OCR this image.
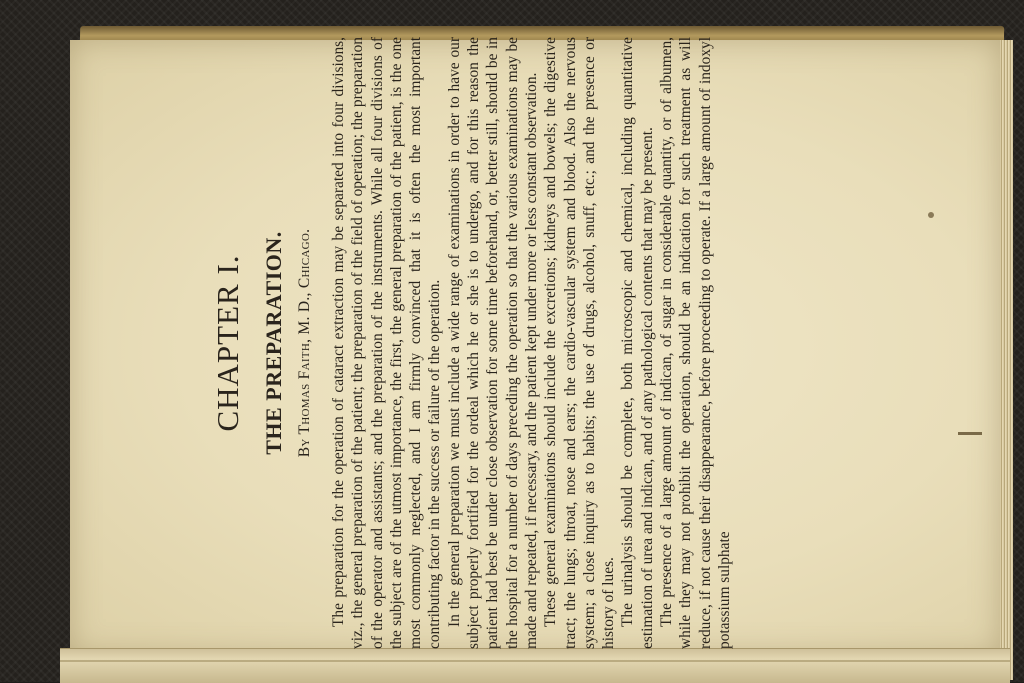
CHAPTER I. THE PREPARATION. By Thomas Faith, M. D., Chicago. The preparation for the operation of cataract extraction may be separated into four divisions, viz., the general preparation of the patient; the preparation of the field of operation; the preparation of the operator and assistants; and the preparation of the instruments. While all four divisions of the subject are of the utmost importance, the first, the general preparation of the patient, is the one most commonly neglected, and I am firmly convinced that it is often the most important contributing factor in the success or failure of the operation. In the general preparation we must include a wide range of examinations in order to have our subject properly fortified for the ordeal which he or she is to undergo, and for this reason the patient had best be under close observation for some time beforehand, or, better still, should be in the hospital for a number of days preceding the operation so that the various examinations may be made and repeated, if necessary, and the patient kept under more or less constant observation. These general examinations should include the excretions; kidneys and bowels; the digestive tract; the lungs; throat, nose and ears; the cardio-vascular system and blood. Also the nervous system; a close inquiry as to habits; the use of drugs, alcohol, snuff, etc.; and the presence or history of lues. The urinalysis should be complete, both microscopic and chemical, including quantitative estimation of urea and indican, and of any pathological contents that may be present. The presence of a large amount of indican, of sugar in considerable quantity, or of albumen, while they may not prohibit the operation, should be an indication for such treatment as will reduce, if not cause their disappearance, before proceeding to operate. If a large amount of indoxyl potassium sulphate
